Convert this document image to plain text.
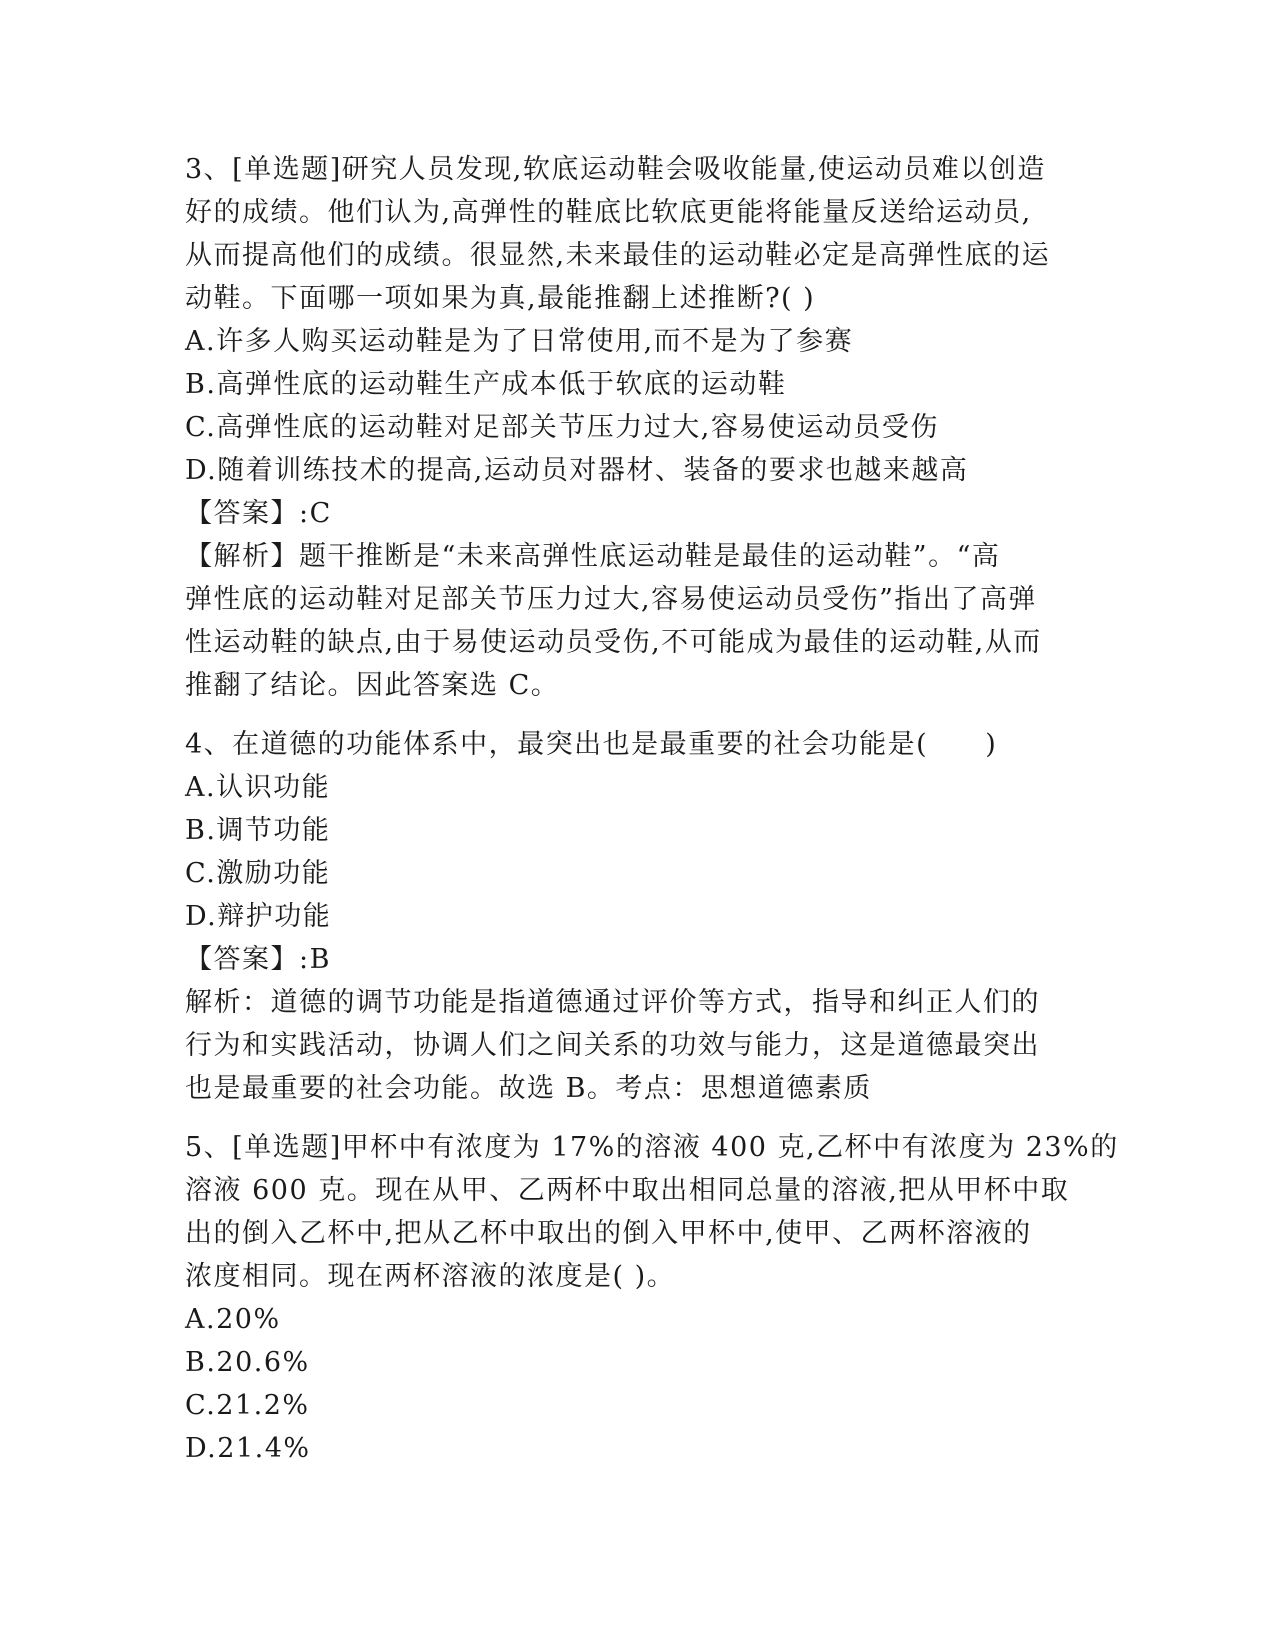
3、[单选题]研究人员发现,软底运动鞋会吸收能量,使运动员难以创造
好的成绩。他们认为,高弹性的鞋底比软底更能将能量反送给运动员,
从而提高他们的成绩。很显然,未来最佳的运动鞋必定是高弹性底的运
动鞋。下面哪一项如果为真,最能推翻上述推断?( )
A.许多人购买运动鞋是为了日常使用,而不是为了参赛
B.高弹性底的运动鞋生产成本低于软底的运动鞋
C.高弹性底的运动鞋对足部关节压力过大,容易使运动员受伤
D.随着训练技术的提高,运动员对器材、装备的要求也越来越高
【答案】:C
【解析】题干推断是“未来高弹性底运动鞋是最佳的运动鞋”。“高
弹性底的运动鞋对足部关节压力过大,容易使运动员受伤”指出了高弹
性运动鞋的缺点,由于易使运动员受伤,不可能成为最佳的运动鞋,从而
推翻了结论。因此答案选 C。
4、在道德的功能体系中，最突出也是最重要的社会功能是(　　)
A.认识功能
B.调节功能
C.激励功能
D.辩护功能
【答案】:B
解析：道德的调节功能是指道德通过评价等方式，指导和纠正人们的
行为和实践活动，协调人们之间关系的功效与能力，这是道德最突出
也是最重要的社会功能。故选 B。考点：思想道德素质
5、[单选题]甲杯中有浓度为 17%的溶液 400 克,乙杯中有浓度为 23%的
溶液 600 克。现在从甲、乙两杯中取出相同总量的溶液,把从甲杯中取
出的倒入乙杯中,把从乙杯中取出的倒入甲杯中,使甲、乙两杯溶液的
浓度相同。现在两杯溶液的浓度是( )。
A.20%
B.20.6%
C.21.2%
D.21.4%
